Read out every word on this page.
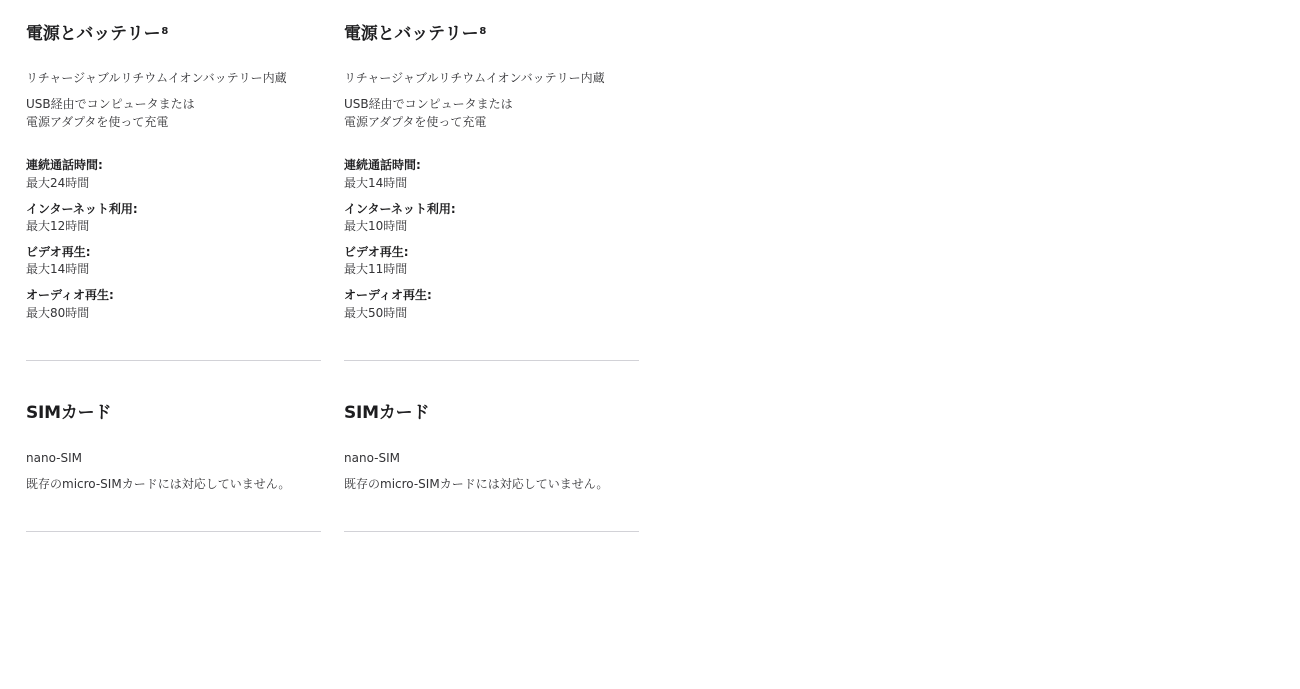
電源とバッテリー$^8$
リチャージャブルリチウムイオンバッテリー内蔵
USB経由でコンピュータまたは
電源アダプタを使って充電
連続通話時間:
最大24時間
インターネット利用:
最大12時間
ビデオ再生:
最大14時間
オーディオ再生:
最大80時間
SIMカード
nano-SIM
既存のmicro-SIMカードには対応していません。
電源とバッテリー$^8$
リチャージャブルリチウムイオンバッテリー内蔵
USB経由でコンピュータまたは
電源アダプタを使って充電
連続通話時間:
最大14時間
インターネット利用:
最大10時間
ビデオ再生:
最大11時間
オーディオ再生:
最大50時間
SIMカード
nano-SIM
既存のmicro-SIMカードには対応していません。
